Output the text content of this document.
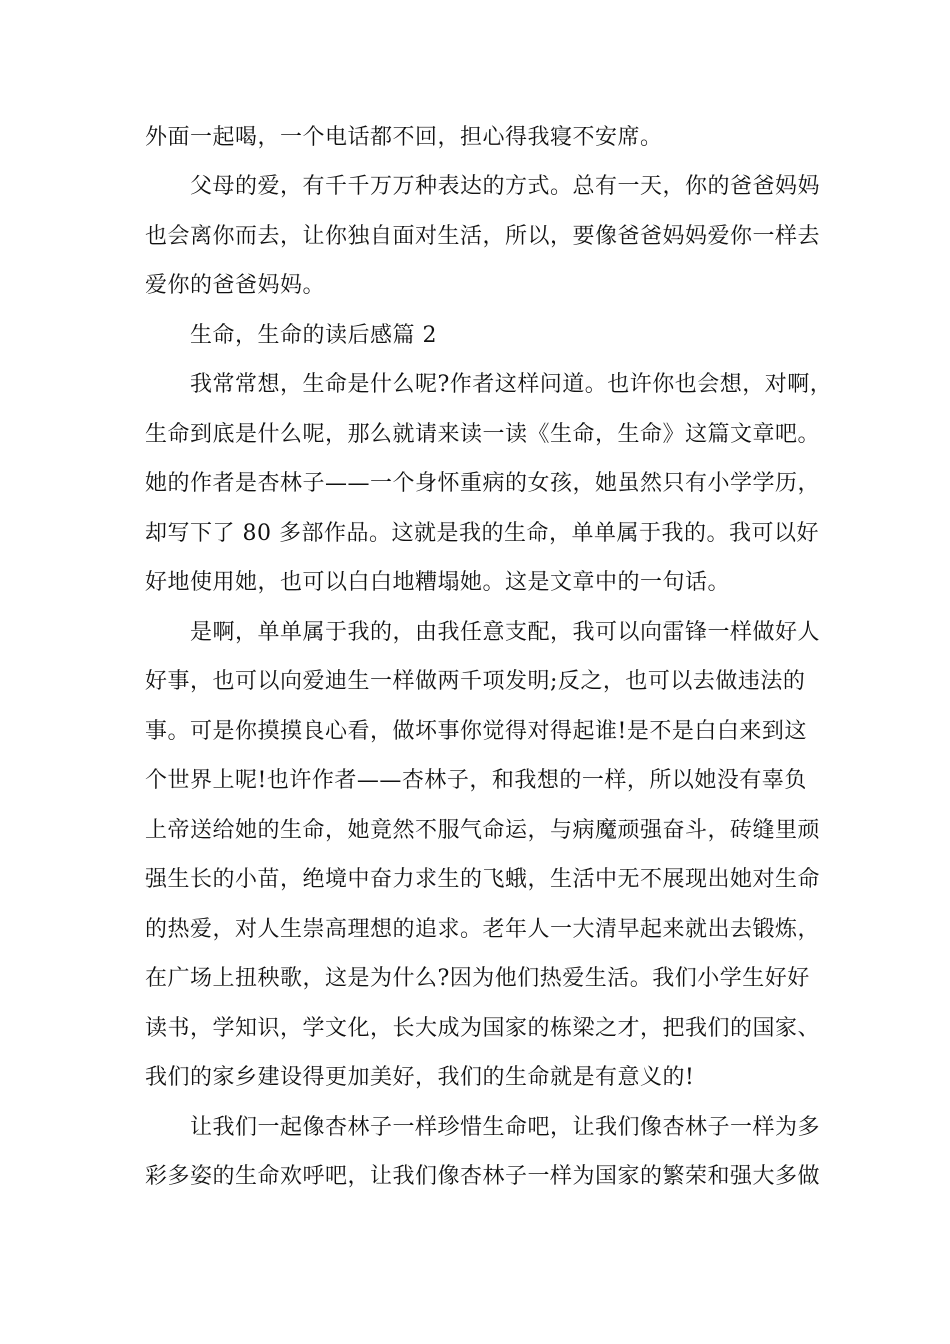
外面一起喝，一个电话都不回，担心得我寝不安席。
父母的爱，有千千万万种表达的方式。总有一天，你的爸爸妈妈
也会离你而去，让你独自面对生活，所以，要像爸爸妈妈爱你一样去
爱你的爸爸妈妈。
生命，生命的读后感篇 2
我常常想，生命是什么呢?作者这样问道。也许你也会想，对啊，
生命到底是什么呢，那么就请来读一读《生命，生命》这篇文章吧。
她的作者是杏林子——一个身怀重病的女孩，她虽然只有小学学历，
却写下了 80 多部作品。这就是我的生命，单单属于我的。我可以好
好地使用她，也可以白白地糟塌她。这是文章中的一句话。
是啊，单单属于我的，由我任意支配，我可以向雷锋一样做好人
好事，也可以向爱迪生一样做两千项发明;反之，也可以去做违法的
事。可是你摸摸良心看，做坏事你觉得对得起谁!是不是白白来到这
个世界上呢!也许作者——杏林子，和我想的一样，所以她没有辜负
上帝送给她的生命，她竟然不服气命运，与病魔顽强奋斗，砖缝里顽
强生长的小苗，绝境中奋力求生的飞蛾，生活中无不展现出她对生命
的热爱，对人生崇高理想的追求。老年人一大清早起来就出去锻炼，
在广场上扭秧歌，这是为什么?因为他们热爱生活。我们小学生好好
读书，学知识，学文化，长大成为国家的栋梁之才，把我们的国家、
我们的家乡建设得更加美好，我们的生命就是有意义的!
让我们一起像杏林子一样珍惜生命吧，让我们像杏林子一样为多
彩多姿的生命欢呼吧，让我们像杏林子一样为国家的繁荣和强大多做
